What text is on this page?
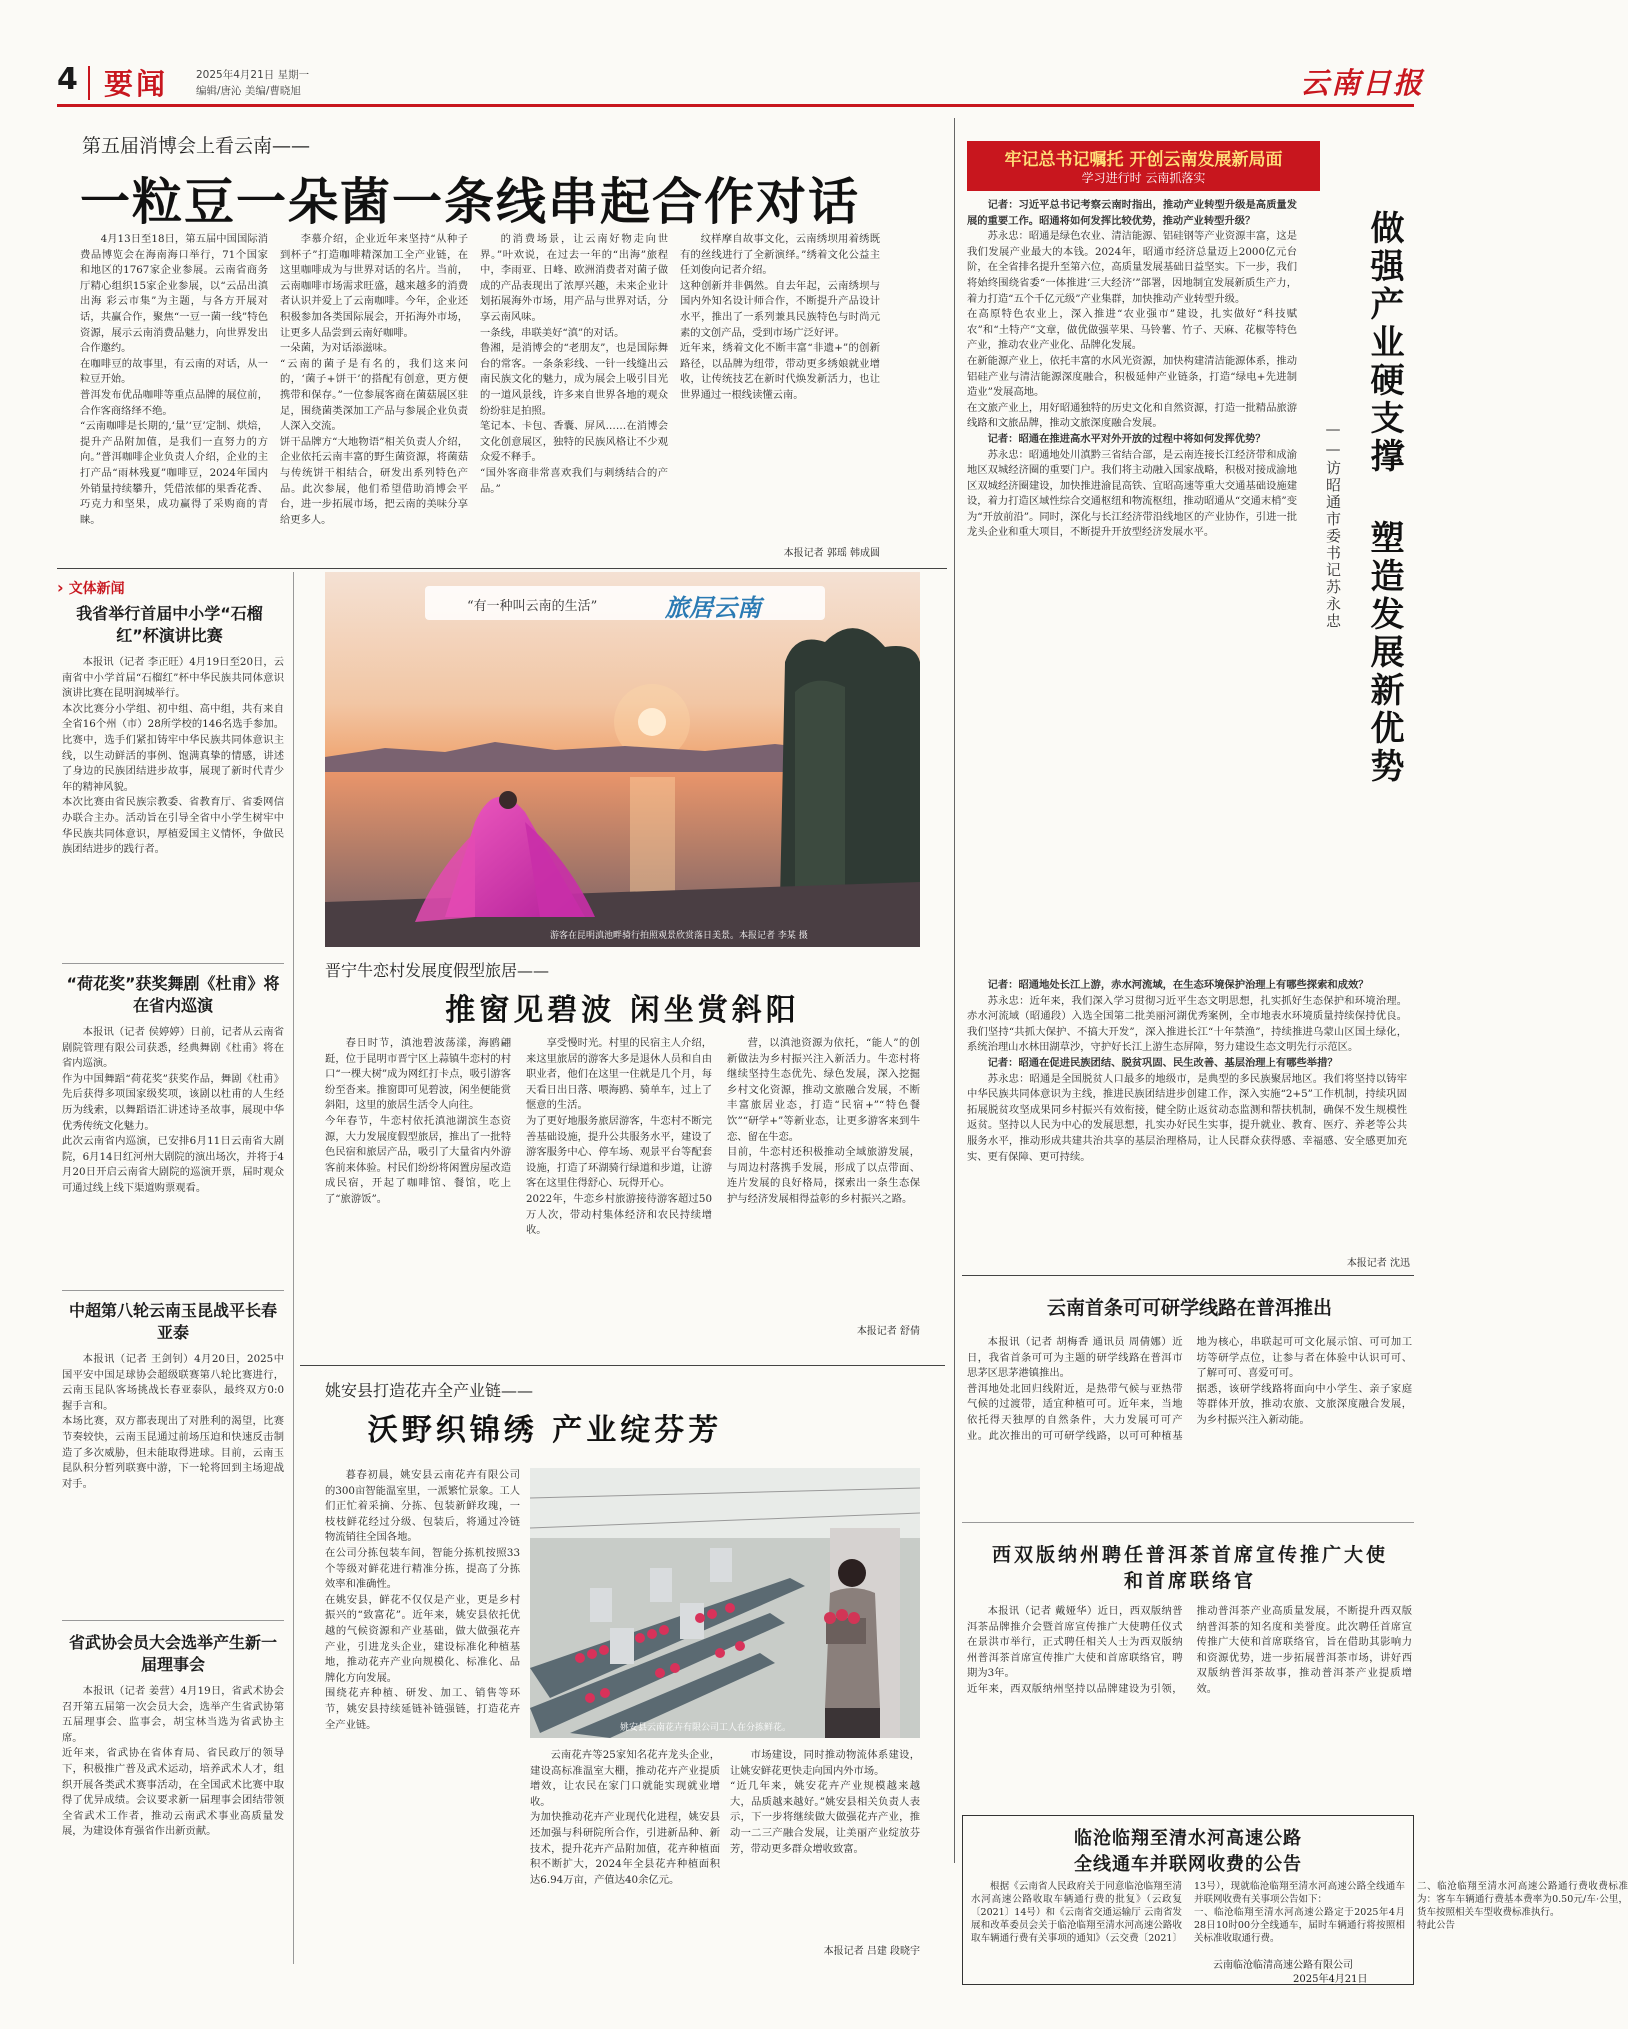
4 要闻	2025年4月21日 星期一
编辑/唐沁 美编/曹晓旭	云南日报
第五届消博会上看云南——
一粒豆一朵菌一条线串起合作对话
4月13日至18日，第五届中国国际消费品博览会在海南海口举行，71个国家和地区的1767家企业参展。云南省商务厅精心组织15家企业参展，以“云品出滇出海 彩云市集”为主题，与各方开展对话，共赢合作，聚焦“一豆一菌一线”特色资源，展示云南消费品魅力，向世界发出合作邀约。
在咖啡豆的故事里，有云南的对话，从一粒豆开始。
普洱发布优品咖啡等重点品牌的展位前，合作客商络绎不绝。
“云南咖啡是长期的,‘量’‘豆’定制、烘焙，提升产品附加值，是我们一直努力的方向。”普洱咖啡企业负责人介绍，企业的主打产品“雨林残夏”咖啡豆，2024年国内外销量持续攀升，凭借浓郁的果香花香、巧克力和坚果，成功赢得了采购商的青睐。
李慕介绍，企业近年来坚持“从种子到杯子”打造咖啡精深加工全产业链，在这里咖啡成为与世界对话的名片。当前，云南咖啡市场需求旺盛，越来越多的消费者认识并爱上了云南咖啡。今年，企业还积极参加各类国际展会，开拓海外市场，让更多人品尝到云南好咖啡。
一朵菌，为对话添滋味。
“云南的菌子是有名的，我们这来问的，‘菌子+饼干’的搭配有创意，更方便携带和保存。”一位参展客商在菌菇展区驻足，围绕菌类深加工产品与参展企业负责人深入交流。
饼干品牌方“大地物语”相关负责人介绍，企业依托云南丰富的野生菌资源，将菌菇与传统饼干相结合，研发出系列特色产品。此次参展，他们希望借助消博会平台，进一步拓展市场，把云南的美味分享给更多人。
的消费场景，让云南好物走向世界。”叶欢说，在过去一年的“出海”旅程中，李雨亚、日峰、欧洲消费者对菌子做成的产品表现出了浓厚兴趣，未来企业计划拓展海外市场，用产品与世界对话，分享云南风味。
一条线，串联美好“滇”的对话。
鲁湘，是消博会的“老朋友”，也是国际舞台的常客。一条条彩线、一针一线缝出云南民族文化的魅力，成为展会上吸引目光的一道风景线，许多来自世界各地的观众纷纷驻足拍照。
笔记本、卡包、香囊、屏风……在消博会文化创意展区，独特的民族风格让不少观众爱不释手。
“国外客商非常喜欢我们与刺绣结合的产品。”
纹样摩自故事文化，云南绣坝用着绣既有的丝线进行了全新演绎。”绣着文化公益主任刘俊向记者介绍。
这种创新并非偶然。自去年起，云南绣坝与国内外知名设计师合作，不断提升产品设计水平，推出了一系列兼具民族特色与时尚元素的文创产品，受到市场广泛好评。
近年来，绣着文化不断丰富“非遗+”的创新路径，以品牌为纽带，带动更多绣娘就业增收，让传统技艺在新时代焕发新活力，也让世界通过一根线读懂云南。
本报记者 郭瑶 韩成圆
› 文体新闻
我省举行首届中小学“石榴红”杯演讲比赛
本报讯（记者 李正旺）4月19日至20日，云南省中小学首届“石榴红”杯中华民族共同体意识演讲比赛在昆明润城举行。
本次比赛分小学组、初中组、高中组，共有来自全省16个州（市）28所学校的146名选手参加。比赛中，选手们紧扣铸牢中华民族共同体意识主线，以生动鲜活的事例、饱满真挚的情感，讲述了身边的民族团结进步故事，展现了新时代青少年的精神风貌。
本次比赛由省民族宗教委、省教育厅、省委网信办联合主办。活动旨在引导全省中小学生树牢中华民族共同体意识，厚植爱国主义情怀，争做民族团结进步的践行者。
“荷花奖”获奖舞剧《杜甫》将在省内巡演
本报讯（记者 侯婷婷）日前，记者从云南省剧院管理有限公司获悉，经典舞剧《杜甫》将在省内巡演。
作为中国舞蹈“荷花奖”获奖作品，舞剧《杜甫》先后获得多项国家级奖项，该剧以杜甫的人生经历为线索，以舞蹈语汇讲述诗圣故事，展现中华优秀传统文化魅力。
此次云南省内巡演，已安排6月11日云南省大剧院，6月14日红河州大剧院的演出场次，并将于4月20日开启云南省大剧院的巡演开票，届时观众可通过线上线下渠道购票观看。
中超第八轮云南玉昆战平长春亚泰
本报讯（记者 王剑钊）4月20日，2025中国平安中国足球协会超级联赛第八轮比赛进行，云南玉昆队客场挑战长春亚泰队，最终双方0:0握手言和。
本场比赛，双方都表现出了对胜利的渴望，比赛节奏较快，云南玉昆通过前场压迫和快速反击制造了多次威胁，但未能取得进球。目前，云南玉昆队积分暂列联赛中游，下一轮将回到主场迎战对手。
省武协会员大会选举产生新一届理事会
本报讯（记者 姜营）4月19日，省武术协会召开第五届第一次会员大会，选举产生省武协第五届理事会、监事会，胡宝林当选为省武协主席。
近年来，省武协在省体育局、省民政厅的领导下，积极推广普及武术运动，培养武术人才，组织开展各类武术赛事活动，在全国武术比赛中取得了优异成绩。会议要求新一届理事会团结带领全省武术工作者，推动云南武术事业高质量发展，为建设体育强省作出新贡献。
“有一种叫云南的生活”	旅居云南
游客在昆明滇池畔骑行拍照观景欣赏落日美景。本报记者 李某 摄
晋宁牛恋村发展度假型旅居——
推窗见碧波 闲坐赏斜阳
春日时节，滇池碧波荡漾，海鸥翩跹，位于昆明市晋宁区上蒜镇牛恋村的村口“一棵大树”成为网红打卡点，吸引游客纷至沓来。推窗即可见碧波，闲坐便能赏斜阳，这里的旅居生活令人向往。
今年春节，牛恋村依托滇池湖滨生态资源，大力发展度假型旅居，推出了一批特色民宿和旅居产品，吸引了大量省内外游客前来体验。村民们纷纷将闲置房屋改造成民宿，开起了咖啡馆、餐馆，吃上了“旅游饭”。
享受慢时光。村里的民宿主人介绍，来这里旅居的游客大多是退休人员和自由职业者，他们在这里一住就是几个月，每天看日出日落、喂海鸥、骑单车，过上了惬意的生活。
为了更好地服务旅居游客，牛恋村不断完善基础设施，提升公共服务水平，建设了游客服务中心、停车场、观景平台等配套设施，打造了环湖骑行绿道和步道，让游客在这里住得舒心、玩得开心。
2022年，牛恋乡村旅游接待游客超过50万人次，带动村集体经济和农民持续增收。
营，以滇池资源为依托，“能人”的创新做法为乡村振兴注入新活力。牛恋村将继续坚持生态优先、绿色发展，深入挖掘乡村文化资源，推动文旅融合发展，不断丰富旅居业态，打造“民宿+”“特色餐饮”“研学+”等新业态，让更多游客来到牛恋、留在牛恋。
目前，牛恋村还积极推动全域旅游发展，与周边村落携手发展，形成了以点带面、连片发展的良好格局，探索出一条生态保护与经济发展相得益彰的乡村振兴之路。
本报记者 舒倩
姚安县打造花卉全产业链——
沃野织锦绣 产业绽芬芳
暮春初晨，姚安县云南花卉有限公司的300亩智能温室里，一派繁忙景象。工人们正忙着采摘、分拣、包装新鲜玫瑰，一枝枝鲜花经过分级、包装后，将通过冷链物流销往全国各地。
在公司分拣包装车间，智能分拣机按照33个等级对鲜花进行精准分拣，提高了分拣效率和准确性。
在姚安县，鲜花不仅仅是产业，更是乡村振兴的“致富花”。近年来，姚安县依托优越的气候资源和产业基础，做大做强花卉产业，引进龙头企业，建设标准化种植基地，推动花卉产业向规模化、标准化、品牌化方向发展。
围绕花卉种植、研发、加工、销售等环节，姚安县持续延链补链强链，打造花卉全产业链。	姚安县云南花卉有限公司工人在分拣鲜花。
云南花卉等25家知名花卉龙头企业，建设高标准温室大棚，推动花卉产业提质增效，让农民在家门口就能实现就业增收。
为加快推动花卉产业现代化进程，姚安县还加强与科研院所合作，引进新品种、新技术，提升花卉产品附加值，花卉种植面积不断扩大，2024年全县花卉种植面积达6.94万亩，产值达40余亿元。
市场建设，同时推动物流体系建设，让姚安鲜花更快走向国内外市场。
“近几年来，姚安花卉产业规模越来越大，品质越来越好。”姚安县相关负责人表示，下一步将继续做大做强花卉产业，推动一二三产融合发展，让美丽产业绽放芬芳，带动更多群众增收致富。
本报记者 吕建 段晓宇
牢记总书记嘱托 开创云南发展新局面
学习进行时 云南抓落实
做强产业硬支撑 塑造发展新优势
——访昭通市委书记苏永忠
记者：习近平总书记考察云南时指出，推动产业转型升级是高质量发展的重要工作。昭通将如何发挥比较优势，推动产业转型升级？
苏永忠：昭通是绿色农业、清洁能源、铝硅钢等产业资源丰富，这是我们发展产业最大的本钱。2024年，昭通市经济总量迈上2000亿元台阶，在全省排名提升至第六位，高质量发展基础日益坚实。下一步，我们将始终围绕省委“一体推进‘三大经济’”部署，因地制宜发展新质生产力，着力打造“五个千亿元级”产业集群，加快推动产业转型升级。
在高原特色农业上，深入推进“农业强市”建设，扎实做好“科技赋农”和“土特产”文章，做优做强苹果、马铃薯、竹子、天麻、花椒等特色产业，推动农业产业化、品牌化发展。
在新能源产业上，依托丰富的水风光资源，加快构建清洁能源体系，推动铝硅产业与清洁能源深度融合，积极延伸产业链条，打造“绿电+先进制造业”发展高地。
在文旅产业上，用好昭通独特的历史文化和自然资源，打造一批精品旅游线路和文旅品牌，推动文旅深度融合发展。
记者：昭通在推进高水平对外开放的过程中将如何发挥优势？
苏永忠：昭通地处川滇黔三省结合部，是云南连接长江经济带和成渝地区双城经济圈的重要门户。我们将主动融入国家战略，积极对接成渝地区双城经济圈建设，加快推进渝昆高铁、宜昭高速等重大交通基础设施建设，着力打造区域性综合交通枢纽和物流枢纽，推动昭通从“交通末梢”变为“开放前沿”。同时，深化与长江经济带沿线地区的产业协作，引进一批龙头企业和重大项目，不断提升开放型经济发展水平。
记者：昭通地处长江上游，赤水河流域，在生态环境保护治理上有哪些探索和成效？
苏永忠：近年来，我们深入学习贯彻习近平生态文明思想，扎实抓好生态保护和环境治理。赤水河流域（昭通段）入选全国第二批美丽河湖优秀案例，全市地表水环境质量持续保持优良。我们坚持“共抓大保护、不搞大开发”，深入推进长江“十年禁渔”，持续推进乌蒙山区国土绿化，系统治理山水林田湖草沙，守护好长江上游生态屏障，努力建设生态文明先行示范区。
记者：昭通在促进民族团结、脱贫巩固、民生改善、基层治理上有哪些举措？
苏永忠：昭通是全国脱贫人口最多的地级市，是典型的多民族聚居地区。我们将坚持以铸牢中华民族共同体意识为主线，推进民族团结进步创建工作，深入实施“2+5”工作机制，持续巩固拓展脱贫攻坚成果同乡村振兴有效衔接，健全防止返贫动态监测和帮扶机制，确保不发生规模性返贫。坚持以人民为中心的发展思想，扎实办好民生实事，提升就业、教育、医疗、养老等公共服务水平，推动形成共建共治共享的基层治理格局，让人民群众获得感、幸福感、安全感更加充实、更有保障、更可持续。
本报记者 沈迅
云南首条可可研学线路在普洱推出
本报讯（记者 胡梅香 通讯员 周倩娜）近日，我省首条可可为主题的研学线路在普洱市思茅区思茅港镇推出。
普洱地处北回归线附近，是热带气候与亚热带气候的过渡带，适宜种植可可。近年来，当地依托得天独厚的自然条件，大力发展可可产业。此次推出的可可研学线路，以可可种植基地为核心，串联起可可文化展示馆、可可加工坊等研学点位，让参与者在体验中认识可可、了解可可、喜爱可可。
据悉，该研学线路将面向中小学生、亲子家庭等群体开放，推动农旅、文旅深度融合发展，为乡村振兴注入新动能。
西双版纳州聘任普洱茶首席宣传推广大使和首席联络官
本报讯（记者 戴娅华）近日，西双版纳普洱茶品牌推介会暨首席宣传推广大使聘任仪式在景洪市举行，正式聘任相关人士为西双版纳州普洱茶首席宣传推广大使和首席联络官，聘期为3年。
近年来，西双版纳州坚持以品牌建设为引领，推动普洱茶产业高质量发展，不断提升西双版纳普洱茶的知名度和美誉度。此次聘任首席宣传推广大使和首席联络官，旨在借助其影响力和资源优势，进一步拓展普洱茶市场，讲好西双版纳普洱茶故事，推动普洱茶产业提质增效。
临沧临翔至清水河高速公路
全线通车并联网收费的公告
根据《云南省人民政府关于同意临沧临翔至清水河高速公路收取车辆通行费的批复》（云政复〔2021〕14号）和《云南省交通运输厅 云南省发展和改革委员会关于临沧临翔至清水河高速公路收取车辆通行费有关事项的通知》（云交费〔2021〕13号），现就临沧临翔至清水河高速公路全线通车并联网收费有关事项公告如下：
一、临沧临翔至清水河高速公路定于2025年4月28日10时00分全线通车，届时车辆通行将按照相关标准收取通行费。
二、临沧临翔至清水河高速公路通行费收费标准为：客车车辆通行费基本费率为0.50元/车·公里，货车按照相关车型收费标准执行。
特此公告
云南临沧临清高速公路有限公司
2025年4月21日
